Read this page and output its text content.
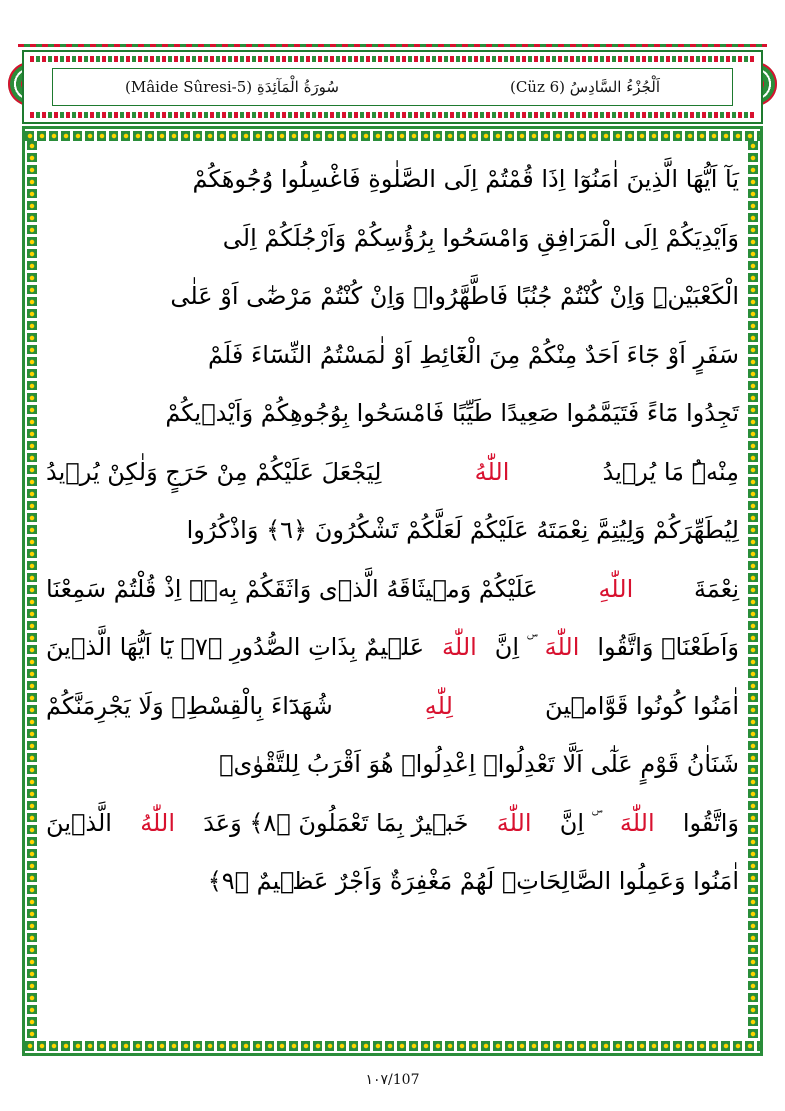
(Mâide Sûresi-5) سُورَةُ الْمَآئِدَةِ	اَلْجُزْءُ السَّادِسُ (Cüz 6)
يَآ اَيُّهَا الَّذِينَ اٰمَنُوٓا اِذَا قُمْتُمْ اِلَى الصَّلٰوةِ فَاغْسِلُوا وُجُوهَكُمْ
وَاَيْدِيَكُمْ اِلَى الْمَرَافِقِ وَامْسَحُوا بِرُؤُسِكُمْ وَاَرْجُلَكُمْ اِلَى
الْكَعْبَيْنِۜ وَاِنْ كُنْتُمْ جُنُبًا فَاطَّهَّرُواۜ وَاِنْ كُنْتُمْ مَرْضٰٓى اَوْ عَلٰى
سَفَرٍ اَوْ جَٓاءَ اَحَدٌ مِنْكُمْ مِنَ الْغَٓائِطِ اَوْ لٰمَسْتُمُ النِّسَٓاءَ فَلَمْ
تَجِدُوا مَٓاءً فَتَيَمَّمُوا صَعِيدًا طَيِّبًا فَامْسَحُوا بِوُجُوهِكُمْ وَاَيْدٖيكُمْ
مِنْهُۜ مَا يُرٖيدُ
اللّٰهُ
لِيَجْعَلَ عَلَيْكُمْ مِنْ حَرَجٍ وَلٰكِنْ يُرٖيدُ
لِيُطَهِّرَكُمْ وَلِيُتِمَّ نِعْمَتَهُ عَلَيْكُمْ لَعَلَّكُمْ تَشْكُرُونَ ﴿٦﴾ وَاذْكُرُوا
نِعْمَةَ
اللّٰهِ
عَلَيْكُمْ وَمٖيثَاقَهُ الَّذٖى وَاثَقَكُمْ بِهٖۙ اِذْ قُلْتُمْ سَمِعْنَا
وَاَطَعْنَاۘ وَاتَّقُوا
اللّٰهَ
ۜ اِنَّ
اللّٰهَ
عَلٖيمٌ بِذَاتِ الصُّدُورِ ﴿٧﴾ يَٓا اَيُّهَا الَّذٖينَ
اٰمَنُوا كُونُوا قَوَّامٖينَ
لِلّٰهِ
شُهَدَٓاءَ بِالْقِسْطِۘ وَلَا يَجْرِمَنَّكُمْ
شَنَاٰنُ قَوْمٍ عَلٰٓى اَلَّا تَعْدِلُواۜ اِعْدِلُواۗ هُوَ اَقْرَبُ لِلتَّقْوٰىۘ
وَاتَّقُوا
اللّٰهَ
ۜ اِنَّ
اللّٰهَ
خَبٖيرٌ بِمَا تَعْمَلُونَ ﴿٨﴾ وَعَدَ
اللّٰهُ
الَّذٖينَ
اٰمَنُوا وَعَمِلُوا الصَّالِحَاتِۙ لَهُمْ مَغْفِرَةٌ وَاَجْرٌ عَظٖيمٌ ﴿٩﴾
١٠٧/107
